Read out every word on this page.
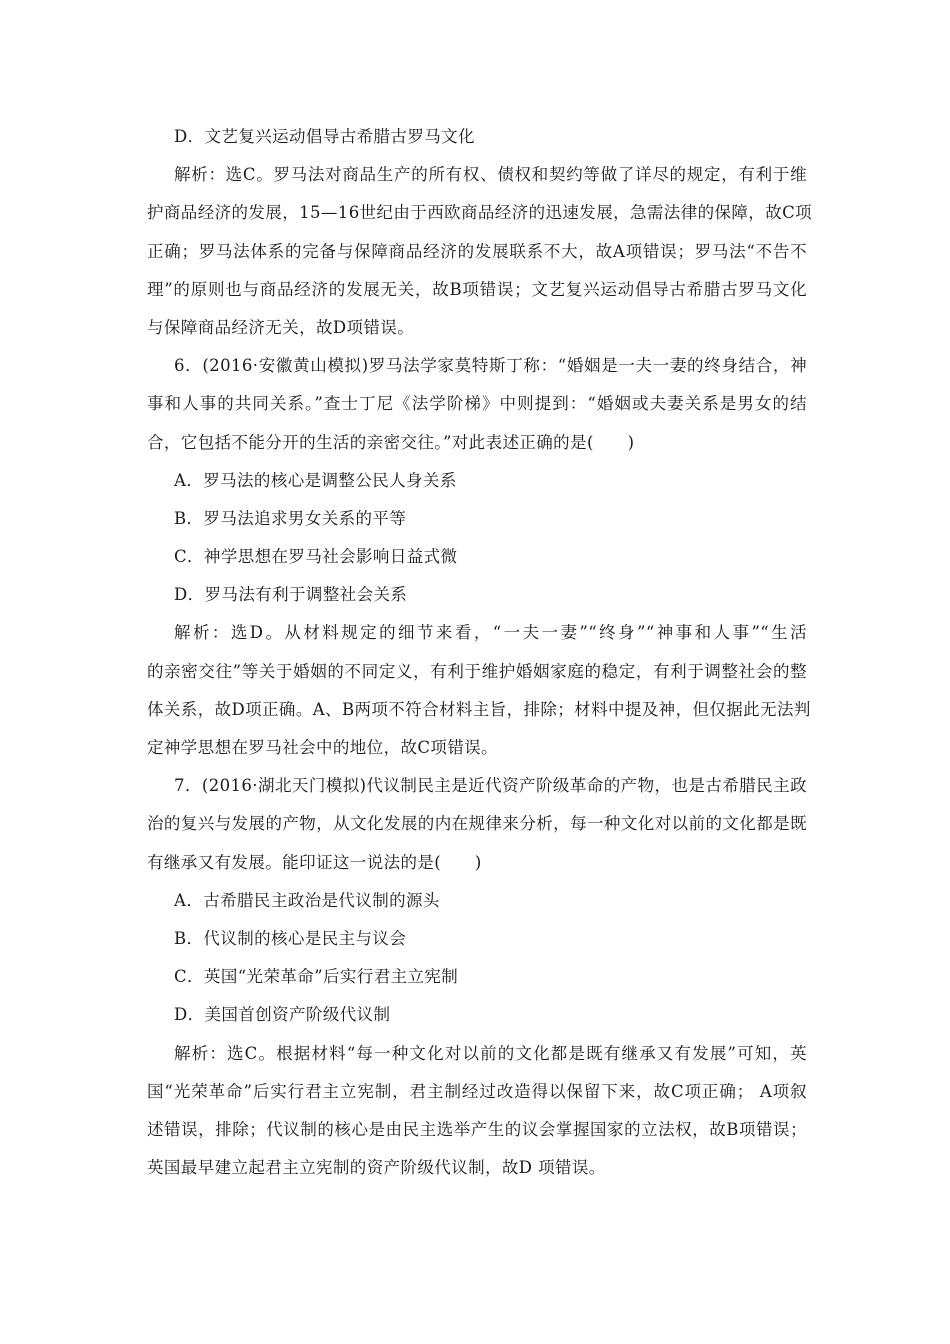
D．文艺复兴运动倡导古希腊古罗马文化
解析：选C。罗马法对商品生产的所有权、债权和契约等做了详尽的规定，有利于维
护商品经济的发展，15—16世纪由于西欧商品经济的迅速发展，急需法律的保障，故C项
正确；罗马法体系的完备与保障商品经济的发展联系不大，故A项错误；罗马法“不告不
理”的原则也与商品经济的发展无关，故B项错误；文艺复兴运动倡导古希腊古罗马文化
与保障商品经济无关，故D项错误。
6．(2016·安徽黄山模拟)罗马法学家莫特斯丁称：“婚姻是一夫一妻的终身结合，神
事和人事的共同关系。”查士丁尼《法学阶梯》中则提到：“婚姻或夫妻关系是男女的结
合，它包括不能分开的生活的亲密交往。”对此表述正确的是(　　)
A．罗马法的核心是调整公民人身关系
B．罗马法追求男女关系的平等
C．神学思想在罗马社会影响日益式微
D．罗马法有利于调整社会关系
解析：选D。从材料规定的细节来看，“一夫一妻”“终身”“神事和人事”“生活
的亲密交往”等关于婚姻的不同定义，有利于维护婚姻家庭的稳定，有利于调整社会的整
体关系，故D项正确。A、B两项不符合材料主旨，排除；材料中提及神，但仅据此无法判
定神学思想在罗马社会中的地位，故C项错误。
7．(2016·湖北天门模拟)代议制民主是近代资产阶级革命的产物，也是古希腊民主政
治的复兴与发展的产物，从文化发展的内在规律来分析，每一种文化对以前的文化都是既
有继承又有发展。能印证这一说法的是(　　)
A．古希腊民主政治是代议制的源头
B．代议制的核心是民主与议会
C．英国“光荣革命”后实行君主立宪制
D．美国首创资产阶级代议制
解析：选C。根据材料“每一种文化对以前的文化都是既有继承又有发展”可知，英
国“光荣革命”后实行君主立宪制，君主制经过改造得以保留下来，故C项正确； A项叙
述错误，排除；代议制的核心是由民主选举产生的议会掌握国家的立法权，故B项错误；
英国最早建立起君主立宪制的资产阶级代议制，故D 项错误。
